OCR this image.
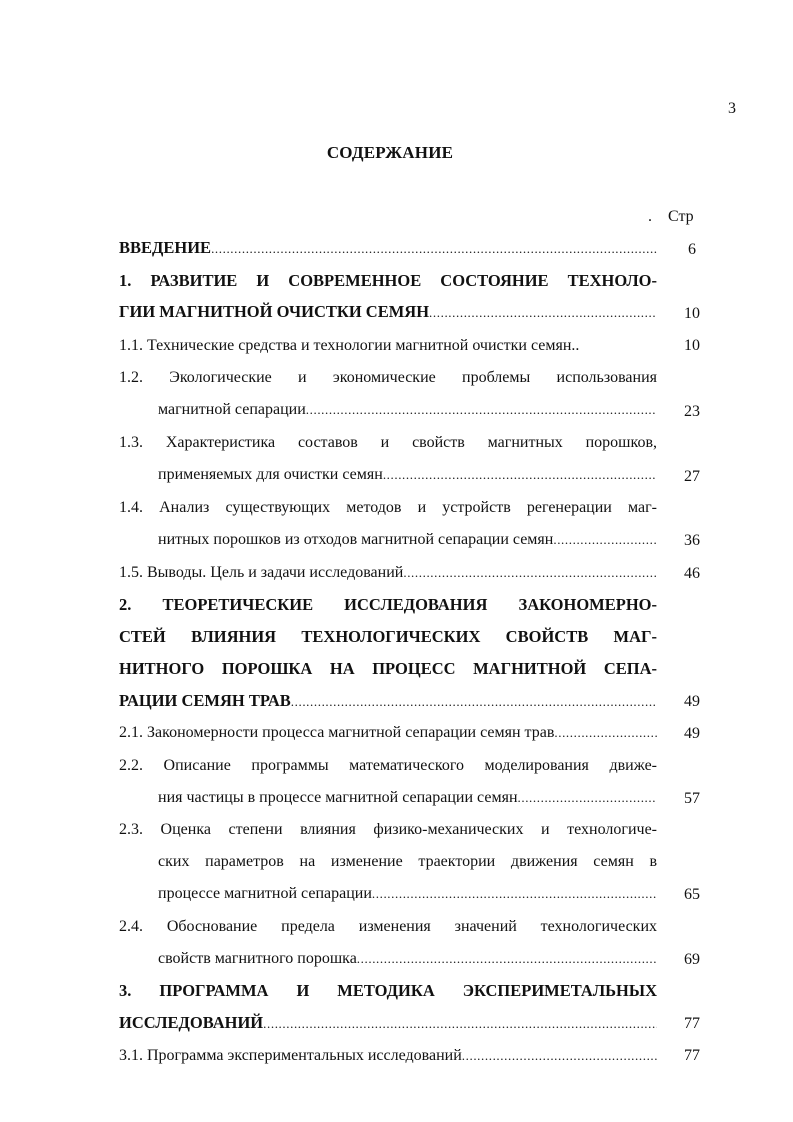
3
СОДЕРЖАНИЕ
. Стр
ВВЕДЕНИЕ .....	6
1. РАЗВИТИЕ И СОВРЕМЕННОЕ СОСТОЯНИЕ ТЕХНОЛО-
ГИИ МАГНИТНОЙ ОЧИСТКИ СЕМЯН .....	10
1.1. Технические средства и технологии магнитной очистки семян..	10
1.2. Экологические и экономические проблемы использования
магнитной сепарации .....	23
1.3. Характеристика составов и свойств магнитных порошков,
применяемых для очистки семян .....	27
1.4. Анализ существующих методов и устройств регенерации маг-
нитных порошков из отходов магнитной сепарации семян .....	36
1.5. Выводы. Цель и задачи исследований .....	46
2. ТЕОРЕТИЧЕСКИЕ ИССЛЕДОВАНИЯ ЗАКОНОМЕРНО-
СТЕЙ ВЛИЯНИЯ ТЕХНОЛОГИЧЕСКИХ СВОЙСТВ МАГ-
НИТНОГО ПОРОШКА НА ПРОЦЕСС МАГНИТНОЙ СЕПА-
РАЦИИ СЕМЯН ТРАВ .....	49
2.1. Закономерности процесса магнитной сепарации семян трав .....	49
2.2. Описание программы математического моделирования движе-
ния частицы в процессе магнитной сепарации семян .....	57
2.3. Оценка степени влияния физико-механических и технологиче-
ских параметров на изменение траектории движения семян в
процессе магнитной сепарации .....	65
2.4. Обоснование предела изменения значений технологических
свойств магнитного порошка .....	69
3. ПРОГРАММА И МЕТОДИКА ЭКСПЕРИМЕТАЛЬНЫХ
ИССЛЕДОВАНИЙ .....	77
3.1. Программа экспериментальных исследований .....	77
